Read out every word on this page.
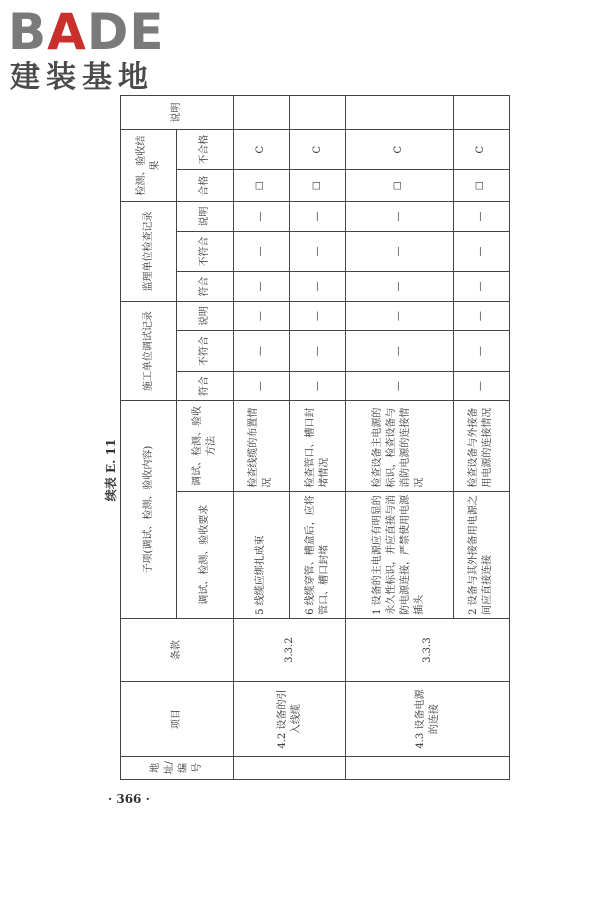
BADE
建装基地
续表 E. 11
地址/编号	项目	条款	子项(调试、检测、验收内容)		施工单位调试记录			监理单位检查记录			检测、验收结果		说明
			调试、检测、验收要求	调试、检测、验收方法	符合	不符合	说明	符合	不符合	说明	合格	不合格	
	4.2 设备的引入线缆	3.3.2	5 线缆应绑扎成束	检查线缆的布置情况	—	—	—	—	—	—	☐	C	
			6 线缆穿管、槽盒后，应将管口、槽口封堵	检查管口、槽口封堵情况	—	—	—	—	—	—	☐	C	
	4.3 设备电源的连接	3.3.3	1 设备的主电源应有明显的永久性标识，并应直接与消防电源连接，严禁使用电源插头	检查设备主电源的标识，检查设备与消防电源的连接情况	—	—	—	—	—	—	☐	C	
			2 设备与其外接备用电源之间应直接连接	检查设备与外接备用电源的连接情况	—	—	—	—	—	—	☐	C	
· 366 ·
